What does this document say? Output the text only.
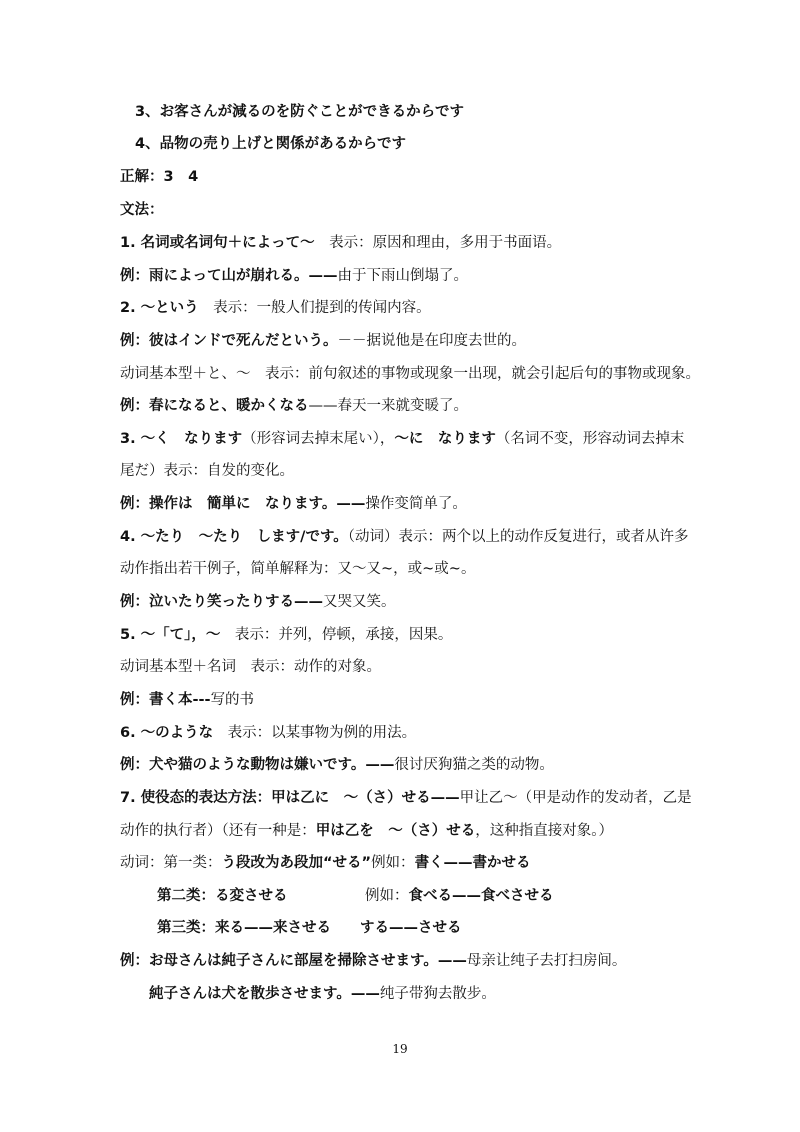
3、お客さんが減るのを防ぐことができるからです
4、品物の売り上げと関係があるからです
正解：3　4
文法：
1. 名词或名词句＋によって～　表示：原因和理由，多用于书面语。
例：雨によって山が崩れる。——由于下雨山倒塌了。
2. ～という　表示：一般人们提到的传闻内容。
例：彼はインドで死んだという。－－据说他是在印度去世的。
动词基本型＋と、～　表示：前句叙述的事物或现象一出现，就会引起后句的事物或现象。
例：春になると、暖かくなる——春天一来就变暖了。
3. ～く　なります（形容词去掉末尾い），～に　なります（名词不变，形容动词去掉末
尾だ）表示：自发的变化。
例：操作は　簡単に　なります。——操作变简单了。
4. ～たり　～たり　します/です。（动词）表示：两个以上的动作反复进行，或者从许多
动作指出若干例子，简单解释为：又～又~，或~或~。
例：泣いたり笑ったりする——又哭又笑。
5. ～「て」，～　表示：并列，停顿，承接，因果。
动词基本型＋名词　表示：动作的对象。
例：書く本---写的书
6. ～のような　表示：以某事物为例的用法。
例：犬や猫のような動物は嫌いです。——很讨厌狗猫之类的动物。
7. 使役态的表达方法：甲は乙に　～（さ）せる——甲让乙～（甲是动作的发动者，乙是
动作的执行者）（还有一种是：甲は乙を　～（さ）せる，这种指直接对象。）
动词：第一类：う段改为あ段加“せる”例如：書く——書かせる
第二类：る変させる	例如：食べる——食べさせる
第三类：来る——来させる　　する——させる
例：お母さんは純子さんに部屋を掃除させます。——母亲让纯子去打扫房间。
純子さんは犬を散歩させます。——纯子带狗去散步。
19
